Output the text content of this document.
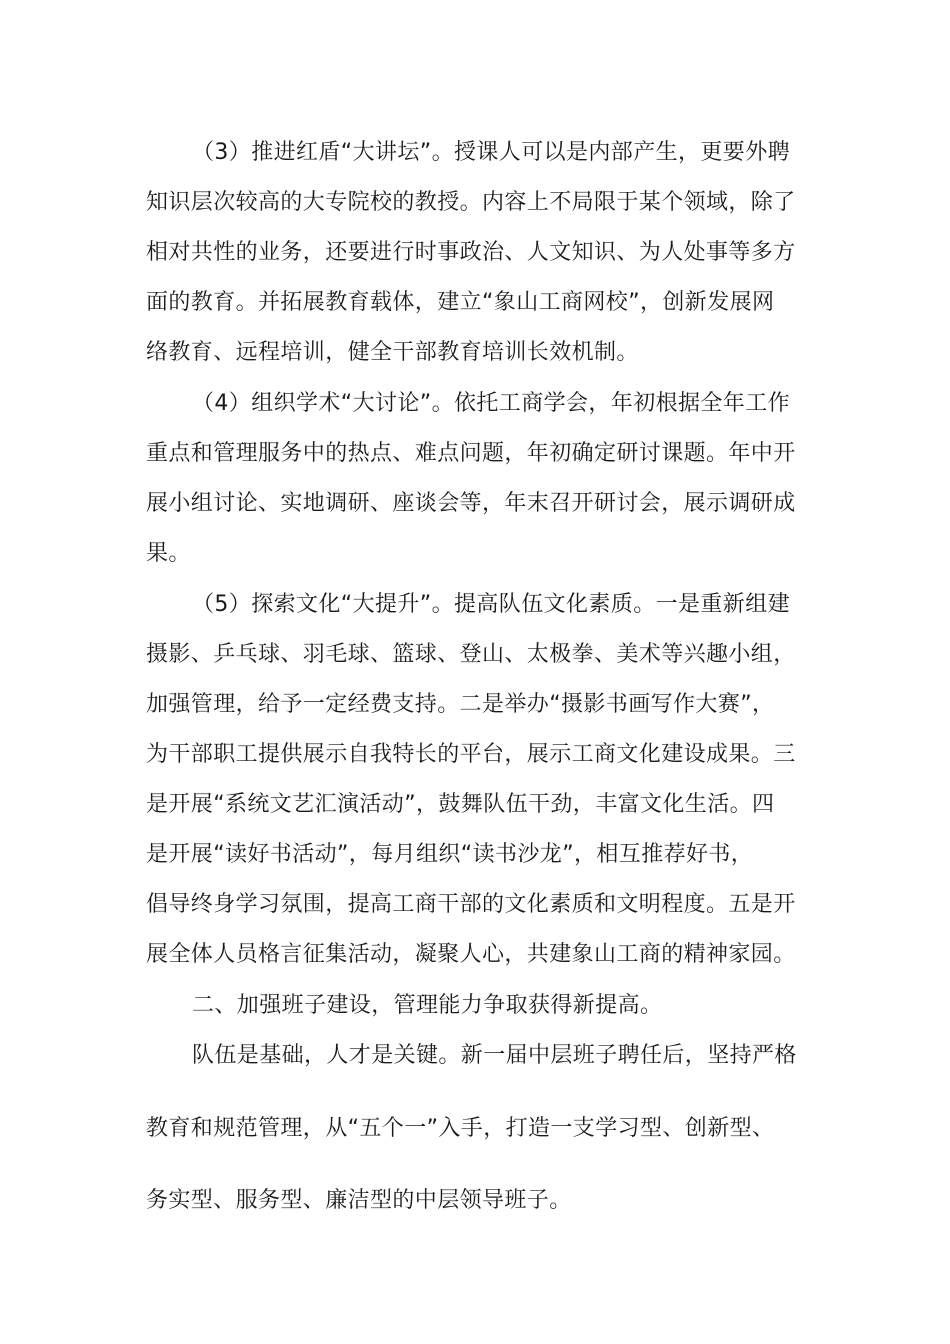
（3）推进红盾“大讲坛”。授课人可以是内部产生，更要外聘
知识层次较高的大专院校的教授。内容上不局限于某个领域，除了
相对共性的业务，还要进行时事政治、人文知识、为人处事等多方
面的教育。并拓展教育载体，建立“象山工商网校”，创新发展网
络教育、远程培训，健全干部教育培训长效机制。
（4）组织学术“大讨论”。依托工商学会，年初根据全年工作
重点和管理服务中的热点、难点问题，年初确定研讨课题。年中开
展小组讨论、实地调研、座谈会等，年末召开研讨会，展示调研成
果。
（5）探索文化“大提升”。提高队伍文化素质。一是重新组建
摄影、乒乓球、羽毛球、篮球、登山、太极拳、美术等兴趣小组，
加强管理，给予一定经费支持。二是举办“摄影书画写作大赛”，
为干部职工提供展示自我特长的平台，展示工商文化建设成果。三
是开展“系统文艺汇演活动”，鼓舞队伍干劲，丰富文化生活。四
是开展“读好书活动”，每月组织“读书沙龙”，相互推荐好书，
倡导终身学习氛围，提高工商干部的文化素质和文明程度。五是开
展全体人员格言征集活动，凝聚人心，共建象山工商的精神家园。
二、加强班子建设，管理能力争取获得新提高。
队伍是基础，人才是关键。新一届中层班子聘任后，坚持严格
教育和规范管理，从“五个一”入手，打造一支学习型、创新型、
务实型、服务型、廉洁型的中层领导班子。
